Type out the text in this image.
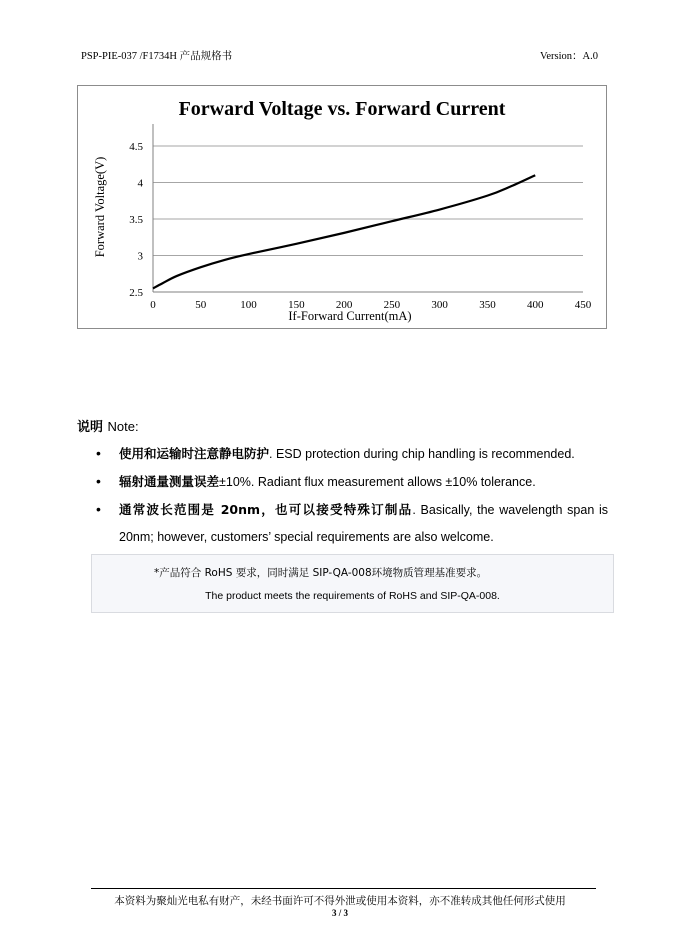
PSP-PIE-037 /F1734H 产品规格书	Version：A.0
Forward Voltage vs. Forward Current
2.5
3
3.5
4
4.5
0	50	100	150	200	250	300	350	400	450
If-Forward Current(mA)
Forward Voltage(V)
说明 Note:
• 使用和运输时注意静电防护. ESD protection during chip handling is recommended.
• 辐射通量测量误差±10%. Radiant flux measurement allows ±10% tolerance.
• 通常波长范围是 20nm，也可以接受特殊订制品. Basically, the wavelength span is 20nm; however, customers’ special requirements are also welcome.
*产品符合 RoHS 要求，同时满足 SIP-QA-008环境物质管理基准要求。
The product meets the requirements of RoHS and SIP-QA-008.
本资料为聚灿光电私有财产，未经书面许可不得外泄或使用本资料，亦不准转成其他任何形式使用
3 / 3
